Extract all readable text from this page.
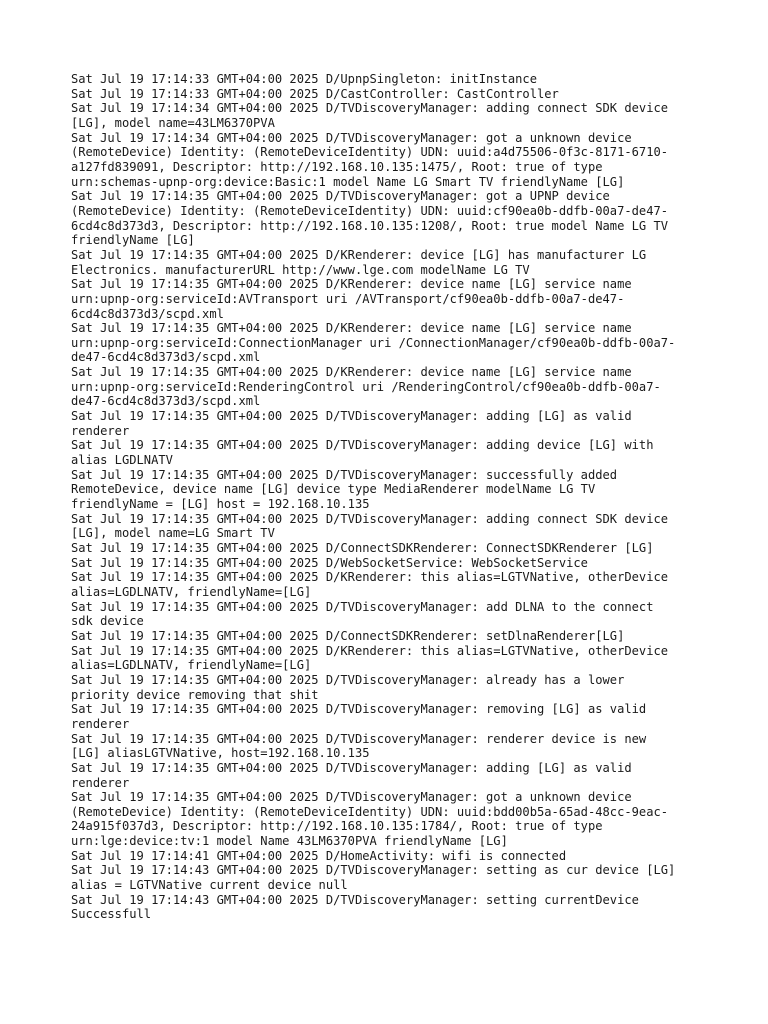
Sat Jul 19 17:14:33 GMT+04:00 2025 D/UpnpSingleton: initInstance

Sat Jul 19 17:14:33 GMT+04:00 2025 D/CastController: CastController

Sat Jul 19 17:14:34 GMT+04:00 2025 D/TVDiscoveryManager: adding connect SDK device
[LG], model name=43LM6370PVA

Sat Jul 19 17:14:34 GMT+04:00 2025 D/TVDiscoveryManager: got a unknown device
(RemoteDevice) Identity: (RemoteDeviceIdentity) UDN: uuid:a4d75506-0f3c-8171-6710-
a127fd839091, Descriptor: http://192.168.10.135:1475/, Root: true of type
urn:schemas-upnp-org:device:Basic:1 model Name LG Smart TV friendlyName [LG]

Sat Jul 19 17:14:35 GMT+04:00 2025 D/TVDiscoveryManager: got a UPNP device
(RemoteDevice) Identity: (RemoteDeviceIdentity) UDN: uuid:cf90ea0b-ddfb-00a7-de47-
6cd4c8d373d3, Descriptor: http://192.168.10.135:1208/, Root: true model Name LG TV
friendlyName [LG]

Sat Jul 19 17:14:35 GMT+04:00 2025 D/KRenderer: device [LG] has manufacturer LG
Electronics. manufacturerURL http://www.lge.com modelName LG TV

Sat Jul 19 17:14:35 GMT+04:00 2025 D/KRenderer: device name [LG] service name
urn:upnp-org:serviceId:AVTransport uri /AVTransport/cf90ea0b-ddfb-00a7-de47-
6cd4c8d373d3/scpd.xml

Sat Jul 19 17:14:35 GMT+04:00 2025 D/KRenderer: device name [LG] service name
urn:upnp-org:serviceId:ConnectionManager uri /ConnectionManager/cf90ea0b-ddfb-00a7-
de47-6cd4c8d373d3/scpd.xml

Sat Jul 19 17:14:35 GMT+04:00 2025 D/KRenderer: device name [LG] service name
urn:upnp-org:serviceId:RenderingControl uri /RenderingControl/cf90ea0b-ddfb-00a7-
de47-6cd4c8d373d3/scpd.xml

Sat Jul 19 17:14:35 GMT+04:00 2025 D/TVDiscoveryManager: adding [LG] as valid
renderer

Sat Jul 19 17:14:35 GMT+04:00 2025 D/TVDiscoveryManager: adding device [LG] with
alias LGDLNATV

Sat Jul 19 17:14:35 GMT+04:00 2025 D/TVDiscoveryManager: successfully added
RemoteDevice, device name [LG] device type MediaRenderer modelName LG TV
friendlyName = [LG] host = 192.168.10.135

Sat Jul 19 17:14:35 GMT+04:00 2025 D/TVDiscoveryManager: adding connect SDK device
[LG], model name=LG Smart TV

Sat Jul 19 17:14:35 GMT+04:00 2025 D/ConnectSDKRenderer: ConnectSDKRenderer [LG]

Sat Jul 19 17:14:35 GMT+04:00 2025 D/WebSocketService: WebSocketService

Sat Jul 19 17:14:35 GMT+04:00 2025 D/KRenderer: this alias=LGTVNative, otherDevice
alias=LGDLNATV, friendlyName=[LG]

Sat Jul 19 17:14:35 GMT+04:00 2025 D/TVDiscoveryManager: add DLNA to the connect
sdk device

Sat Jul 19 17:14:35 GMT+04:00 2025 D/ConnectSDKRenderer: setDlnaRenderer[LG]

Sat Jul 19 17:14:35 GMT+04:00 2025 D/KRenderer: this alias=LGTVNative, otherDevice
alias=LGDLNATV, friendlyName=[LG]

Sat Jul 19 17:14:35 GMT+04:00 2025 D/TVDiscoveryManager: already has a lower
priority device removing that shit

Sat Jul 19 17:14:35 GMT+04:00 2025 D/TVDiscoveryManager: removing [LG] as valid
renderer

Sat Jul 19 17:14:35 GMT+04:00 2025 D/TVDiscoveryManager: renderer device is new
[LG] aliasLGTVNative, host=192.168.10.135

Sat Jul 19 17:14:35 GMT+04:00 2025 D/TVDiscoveryManager: adding [LG] as valid
renderer

Sat Jul 19 17:14:35 GMT+04:00 2025 D/TVDiscoveryManager: got a unknown device
(RemoteDevice) Identity: (RemoteDeviceIdentity) UDN: uuid:bdd00b5a-65ad-48cc-9eac-
24a915f037d3, Descriptor: http://192.168.10.135:1784/, Root: true of type
urn:lge:device:tv:1 model Name 43LM6370PVA friendlyName [LG]

Sat Jul 19 17:14:41 GMT+04:00 2025 D/HomeActivity: wifi is connected

Sat Jul 19 17:14:43 GMT+04:00 2025 D/TVDiscoveryManager: setting as cur device [LG]
alias = LGTVNative current device null

Sat Jul 19 17:14:43 GMT+04:00 2025 D/TVDiscoveryManager: setting currentDevice
Successfull
